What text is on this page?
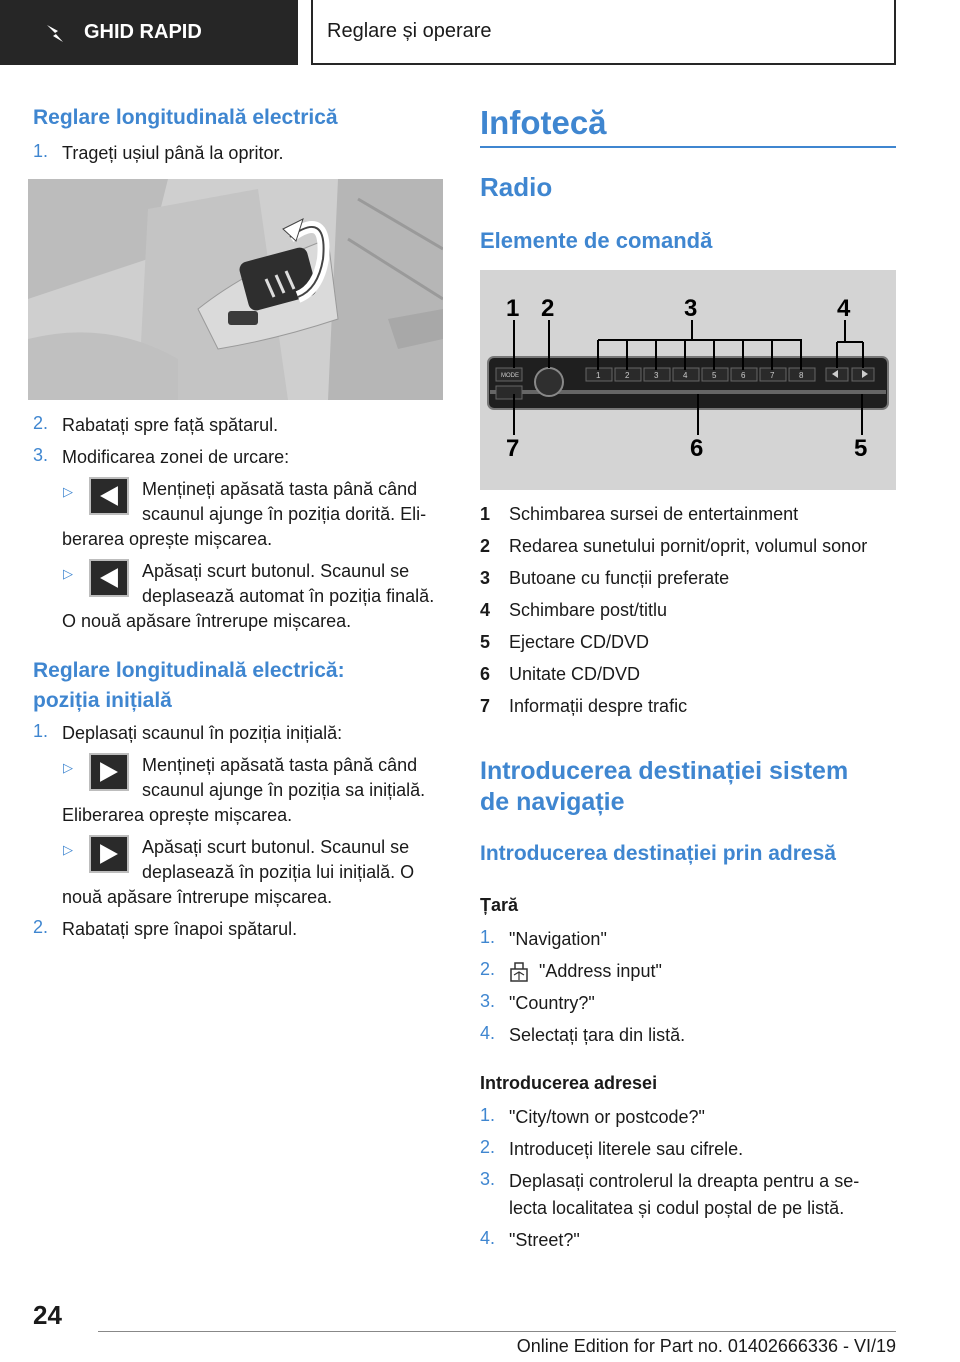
GHID RAPID	Reglare și operare
Reglare longitudinală electrică
1. Trageți ușiul până la opritor.
2. Rabatați spre față spătarul.
3. Modificarea zonei de urcare:
▷	Mențineți apăsată tasta până când
scaunul ajunge în poziția dorită. Eli-
berarea oprește mișcarea.
▷	Apăsați scurt butonul. Scaunul se
deplasează automat în poziția finală.
O nouă apăsare întrerupe mișcarea.
Reglare longitudinală electrică:
poziția inițială
1. Deplasați scaunul în poziția inițială:
▷	Mențineți apăsată tasta până când
scaunul ajunge în poziția sa inițială.
Eliberarea oprește mișcarea.
▷	Apăsați scurt butonul. Scaunul se
deplasează în poziția lui inițială. O
nouă apăsare întrerupe mișcarea.
2. Rabatați spre înapoi spătarul.
Infotecă
Radio
Elemente de comandă
MODE	1	2	3	4	5	6	7	8
1 2	3	4
7	6	5
1 Schimbarea sursei de entertainment
2 Redarea sunetului pornit/oprit, volumul sonor
3 Butoane cu funcții preferate
4 Schimbare post/titlu
5 Ejectare CD/DVD
6 Unitate CD/DVD
7 Informații despre trafic
Introducerea destinației sistem
de navigație
Introducerea destinației prin adresă
Țară
1. "Navigation"
2. "Address input"
3. "Country?"
4. Selectați țara din listă.
Introducerea adresei
1. "City/town or postcode?"
2. Introduceți literele sau cifrele.
3. Deplasați controlerul la dreapta pentru a se-
4. "Street?"
lecta localitatea și codul poștal de pe listă.
24
Online Edition for Part no. 01402666336 - VI/19
